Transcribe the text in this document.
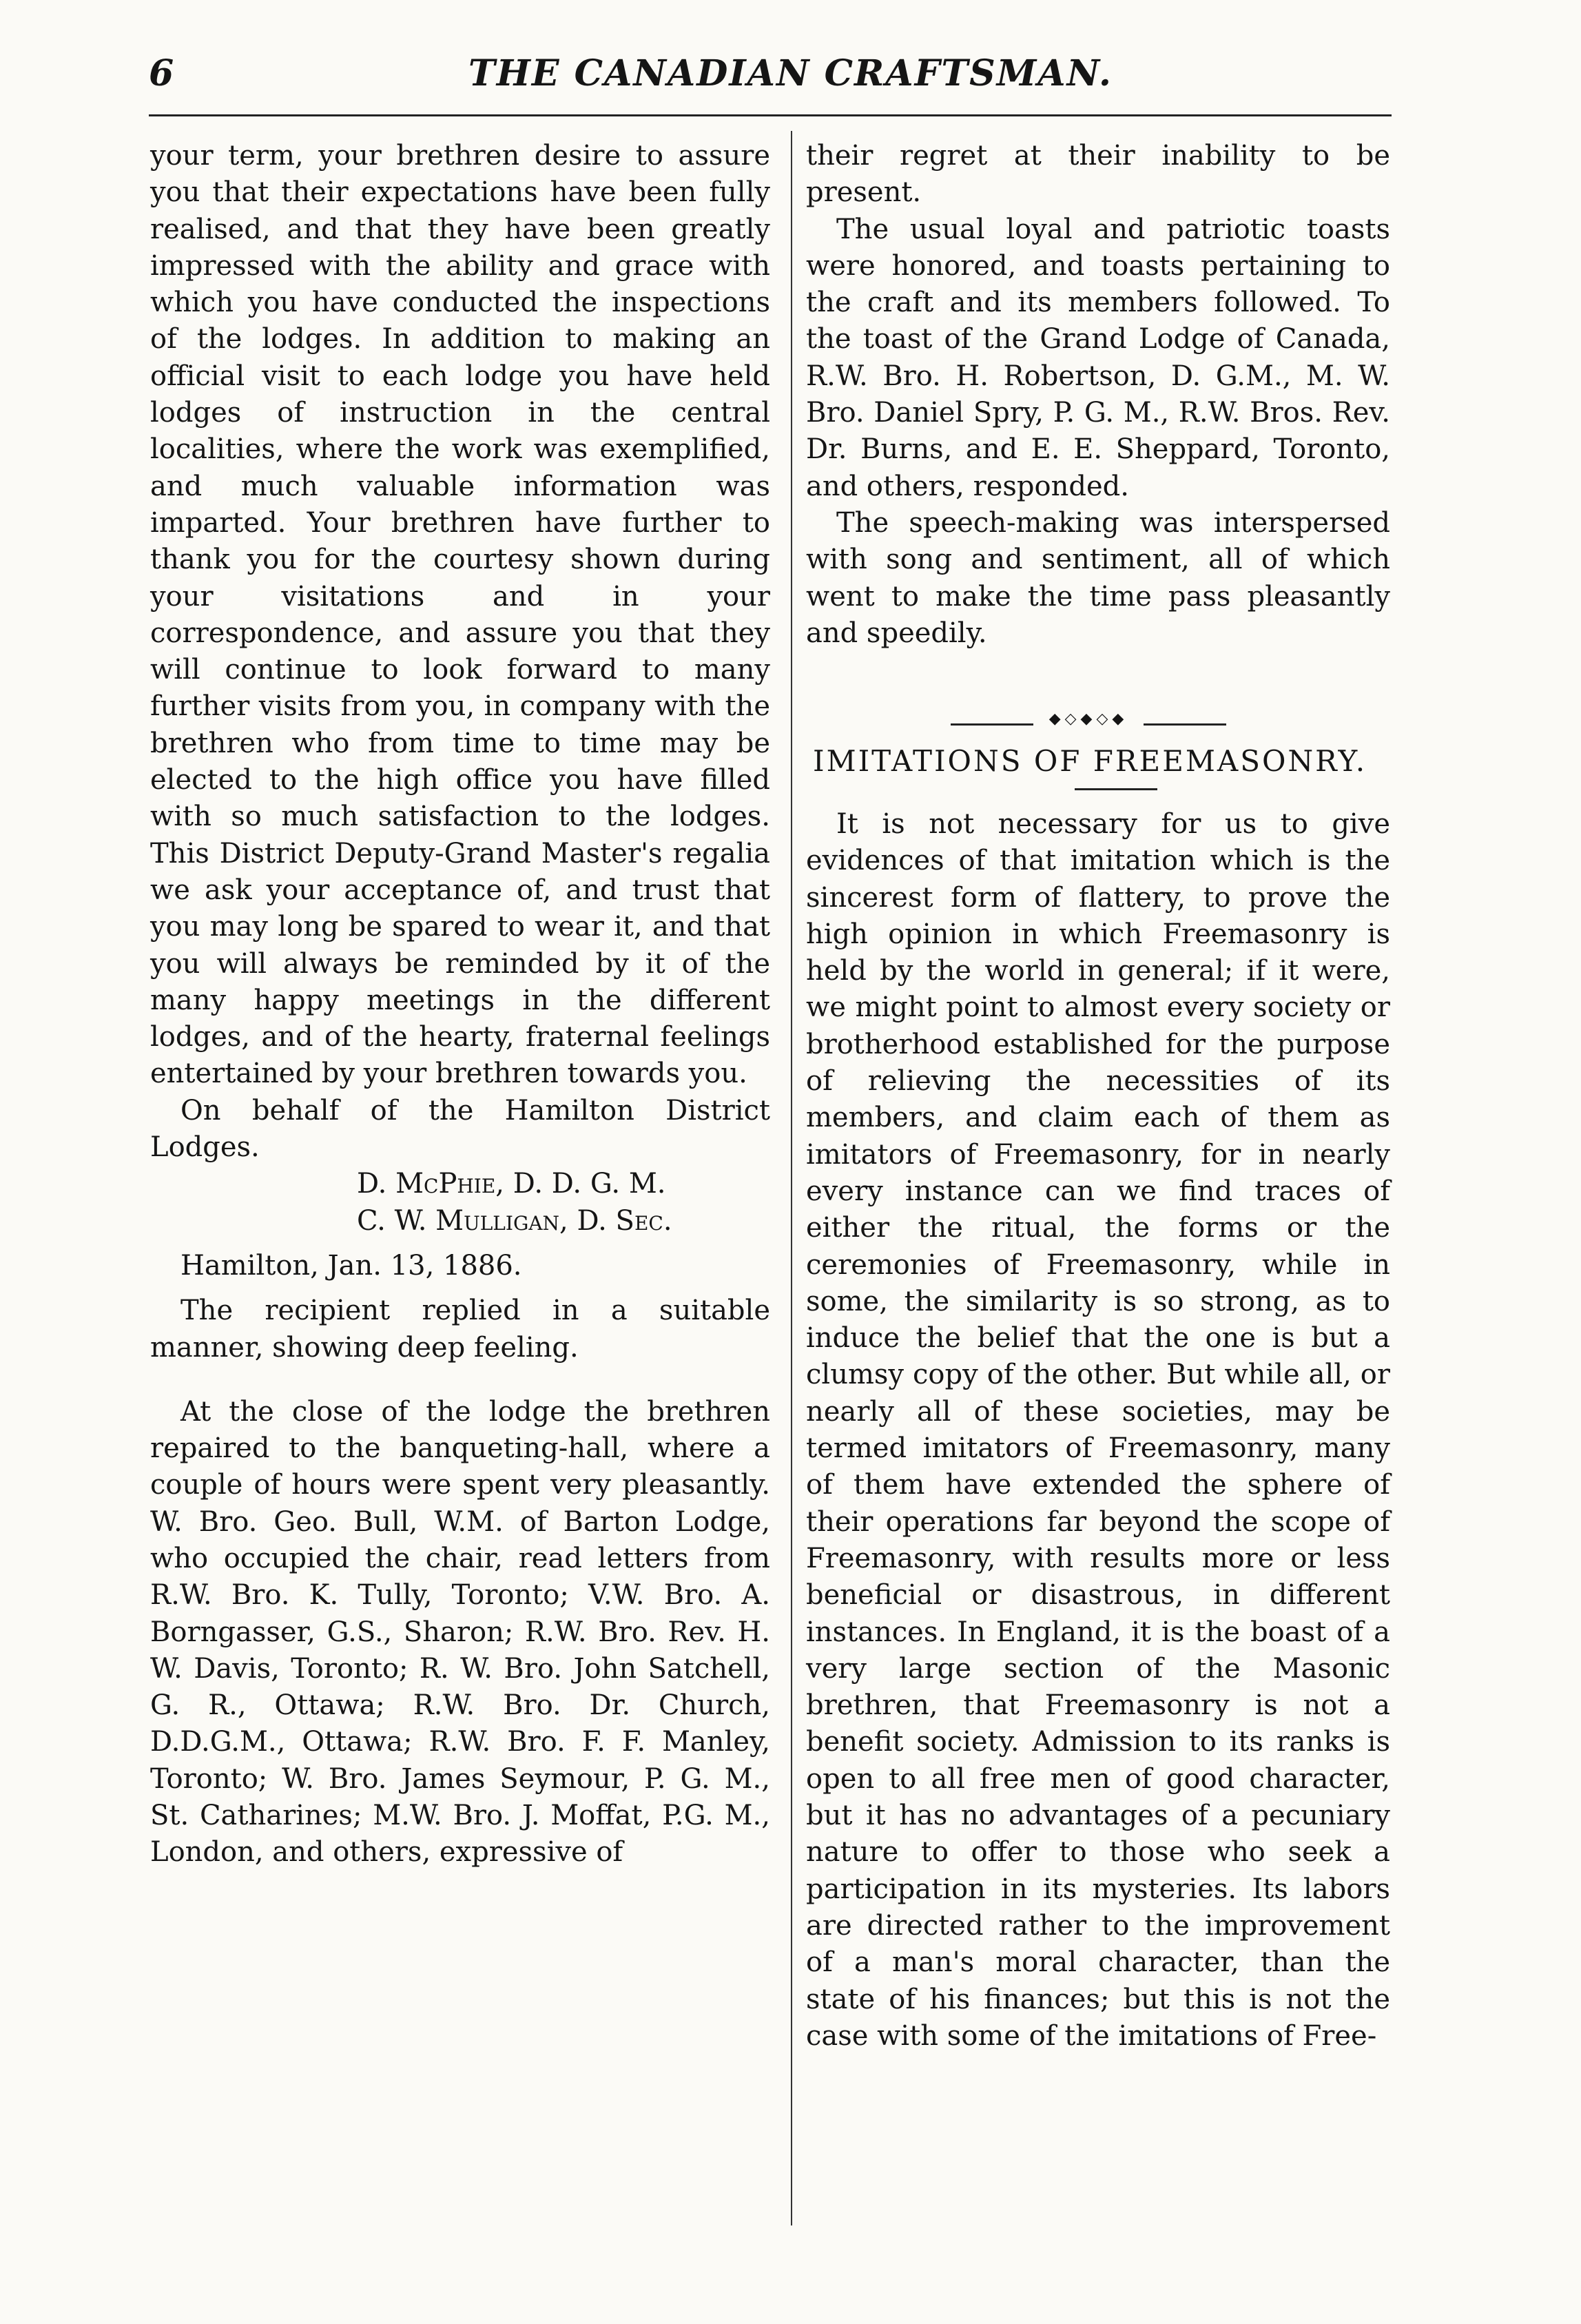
6	THE CANADIAN CRAFTSMAN.

your term, your brethren desire to assure you that their expectations have been fully realised, and that they have been greatly impressed with the ability and grace with which you have conducted the inspections of the lodges. In addition to making an official visit to each lodge you have held lodges of instruction in the central localities, where the work was exemplified, and much valuable information was imparted. Your brethren have further to thank you for the courtesy shown during your visitations and in your correspondence, and assure you that they will continue to look forward to many further visits from you, in company with the brethren who from time to time may be elected to the high office you have filled with so much satisfaction to the lodges. This District Deputy-Grand Master's regalia we ask your acceptance of, and trust that you may long be spared to wear it, and that you will always be reminded by it of the many happy meetings in the different lodges, and of the hearty, fraternal feelings entertained by your brethren towards you.

On behalf of the Hamilton District Lodges.

D. McPhie, D. D. G. M.

C. W. Mulligan, D. Sec.

Hamilton, Jan. 13, 1886.

The recipient replied in a suitable manner, showing deep feeling.

At the close of the lodge the brethren repaired to the banqueting-hall, where a couple of hours were spent very pleasantly. W. Bro. Geo. Bull, W.M. of Barton Lodge, who occupied the chair, read letters from R.W. Bro. K. Tully, Toronto; V.W. Bro. A. Borngasser, G.S., Sharon; R.W. Bro. Rev. H. W. Davis, Toronto; R. W. Bro. John Satchell, G. R., Ottawa; R.W. Bro. Dr. Church, D.D.G.M., Ottawa; R.W. Bro. F. F. Manley, Toronto; W. Bro. James Seymour, P. G. M., St. Catharines; M.W. Bro. J. Moffat, P.G. M., London, and others, expressive of

their regret at their inability to be present.

The usual loyal and patriotic toasts were honored, and toasts pertaining to the craft and its members followed. To the toast of the Grand Lodge of Canada, R.W. Bro. H. Robertson, D. G.M., M. W. Bro. Daniel Spry, P. G. M., R.W. Bros. Rev. Dr. Burns, and E. E. Sheppard, Toronto, and others, responded.

The speech-making was interspersed with song and sentiment, all of which went to make the time pass pleasantly and speedily.

◆◇◆◇◆
IMITATIONS OF FREEMASONRY.

It is not necessary for us to give evidences of that imitation which is the sincerest form of flattery, to prove the high opinion in which Freemasonry is held by the world in general; if it were, we might point to almost every society or brotherhood established for the purpose of relieving the necessities of its members, and claim each of them as imitators of Freemasonry, for in nearly every instance can we find traces of either the ritual, the forms or the ceremonies of Freemasonry, while in some, the similarity is so strong, as to induce the belief that the one is but a clumsy copy of the other. But while all, or nearly all of these societies, may be termed imitators of Freemasonry, many of them have extended the sphere of their operations far beyond the scope of Freemasonry, with results more or less beneficial or disastrous, in different instances. In England, it is the boast of a very large section of the Masonic brethren, that Freemasonry is not a benefit society. Admission to its ranks is open to all free men of good character, but it has no advantages of a pecuniary nature to offer to those who seek a participation in its mysteries. Its labors are directed rather to the improvement of a man's moral character, than the state of his finances; but this is not the case with some of the imitations of Free-
